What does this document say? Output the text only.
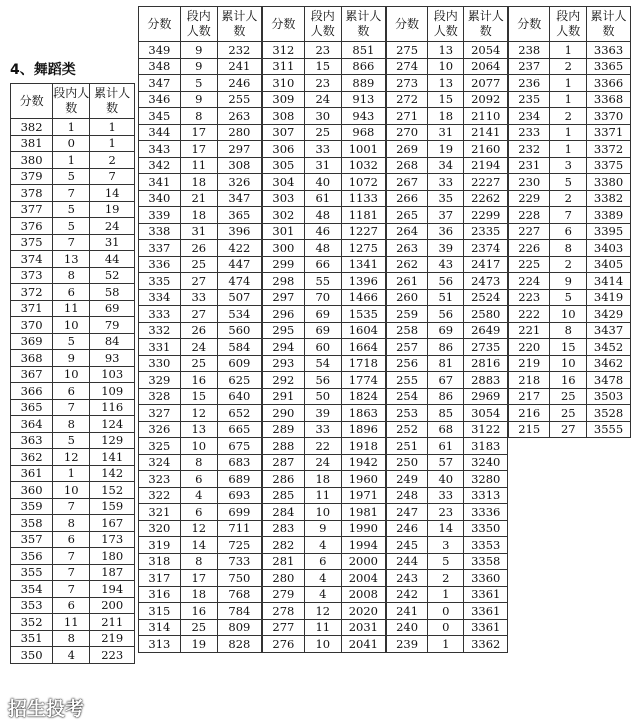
4、舞蹈类
分数	段内人数	累计人数
382	1	1
381	0	1
380	1	2
379	5	7
378	7	14
377	5	19
376	5	24
375	7	31
374	13	44
373	8	52
372	6	58
371	11	69
370	10	79
369	5	84
368	9	93
367	10	103
366	6	109
365	7	116
364	8	124
363	5	129
362	12	141
361	1	142
360	10	152
359	7	159
358	8	167
357	6	173
356	7	180
355	7	187
354	7	194
353	6	200
352	11	211
351	8	219
350	4	223
分数	段内人数	累计人数
349	9	232
348	9	241
347	5	246
346	9	255
345	8	263
344	17	280
343	17	297
342	11	308
341	18	326
340	21	347
339	18	365
338	31	396
337	26	422
336	25	447
335	27	474
334	33	507
333	27	534
332	26	560
331	24	584
330	25	609
329	16	625
328	15	640
327	12	652
326	13	665
325	10	675
324	8	683
323	6	689
322	4	693
321	6	699
320	12	711
319	14	725
318	8	733
317	17	750
316	18	768
315	16	784
314	25	809
313	19	828
分数	段内人数	累计人数
312	23	851
311	15	866
310	23	889
309	24	913
308	30	943
307	25	968
306	33	1001
305	31	1032
304	40	1072
303	61	1133
302	48	1181
301	46	1227
300	48	1275
299	66	1341
298	55	1396
297	70	1466
296	69	1535
295	69	1604
294	60	1664
293	54	1718
292	56	1774
291	50	1824
290	39	1863
289	33	1896
288	22	1918
287	24	1942
286	18	1960
285	11	1971
284	10	1981
283	9	1990
282	4	1994
281	6	2000
280	4	2004
279	4	2008
278	12	2020
277	11	2031
276	10	2041
分数	段内人数	累计人数
275	13	2054
274	10	2064
273	13	2077
272	15	2092
271	18	2110
270	31	2141
269	19	2160
268	34	2194
267	33	2227
266	35	2262
265	37	2299
264	36	2335
263	39	2374
262	43	2417
261	56	2473
260	51	2524
259	56	2580
258	69	2649
257	86	2735
256	81	2816
255	67	2883
254	86	2969
253	85	3054
252	68	3122
251	61	3183
250	57	3240
249	40	3280
248	33	3313
247	23	3336
246	14	3350
245	3	3353
244	5	3358
243	2	3360
242	1	3361
241	0	3361
240	0	3361
239	1	3362
分数	段内人数	累计人数
238	1	3363
237	2	3365
236	1	3366
235	1	3368
234	2	3370
233	1	3371
232	1	3372
231	3	3375
230	5	3380
229	2	3382
228	7	3389
227	6	3395
226	8	3403
225	2	3405
224	9	3414
223	5	3419
222	10	3429
221	8	3437
220	15	3452
219	10	3462
218	16	3478
217	25	3503
216	25	3528
215	27	3555
招生投考
